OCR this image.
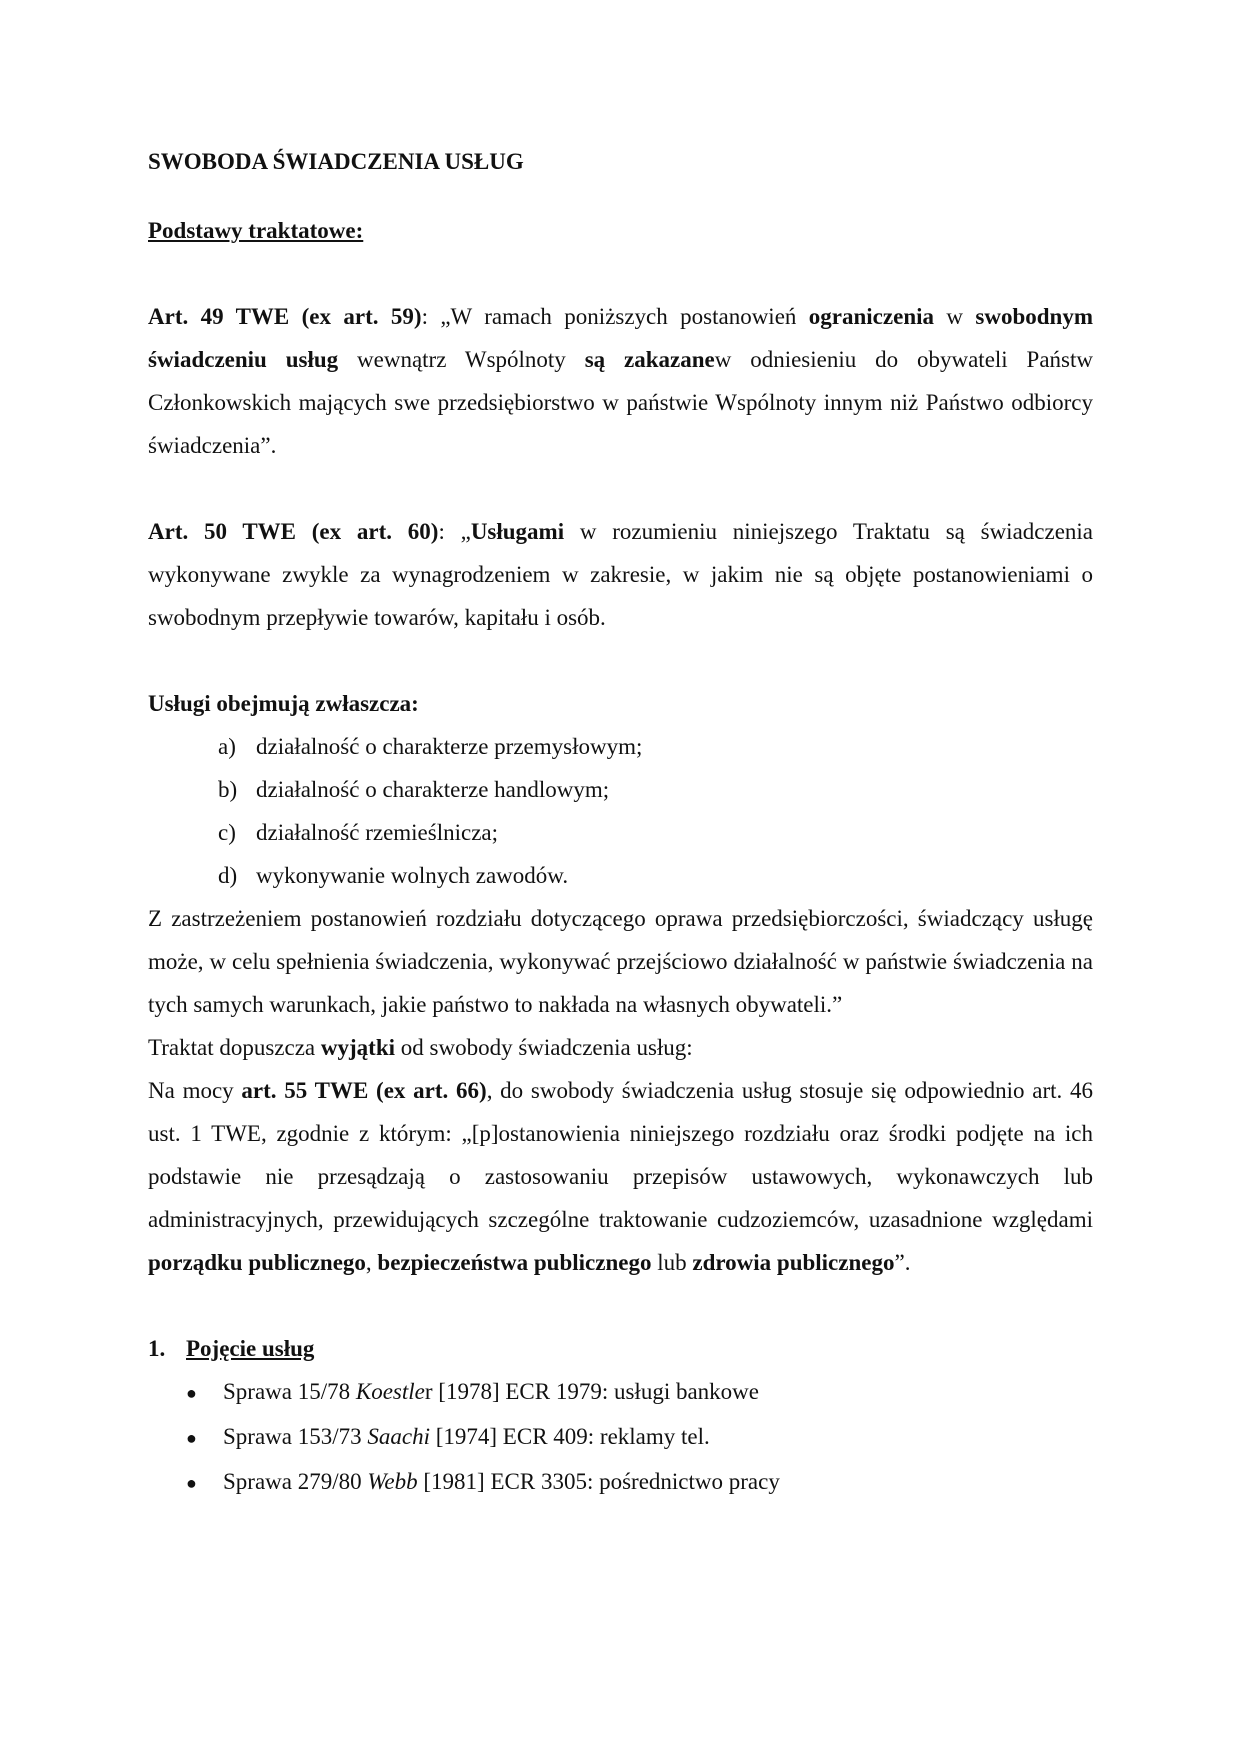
SWOBODA ŚWIADCZENIA USŁUG

Podstawy traktatowe:

Art. 49 TWE (ex art. 59): „W ramach poniższych postanowień ograniczenia w swobodnym świadczeniu usług wewnątrz Wspólnoty są zakazanew odniesieniu do obywateli Państw Członkowskich mających swe przedsiębiorstwo w państwie Wspólnoty innym niż Państwo odbiorcy świadczenia”.

Art. 50 TWE (ex art. 60): „Usługami w rozumieniu niniejszego Traktatu są świadczenia wykonywane zwykle za wynagrodzeniem w zakresie, w jakim nie są objęte postanowieniami o swobodnym przepływie towarów, kapitału i osób.

Usługi obejmują zwłaszcza:

a) działalność o charakterze przemysłowym;
b) działalność o charakterze handlowym;
c) działalność rzemieślnicza;
d) wykonywanie wolnych zawodów.

Z zastrzeżeniem postanowień rozdziału dotyczącego oprawa przedsiębiorczości, świadczący usługę może, w celu spełnienia świadczenia, wykonywać przejściowo działalność w państwie świadczenia na tych samych warunkach, jakie państwo to nakłada na własnych obywateli.”

Traktat dopuszcza wyjątki od swobody świadczenia usług:

Na mocy art. 55 TWE (ex art. 66), do swobody świadczenia usług stosuje się odpowiednio art. 46 ust. 1 TWE, zgodnie z którym: „[p]ostanowienia niniejszego rozdziału oraz środki podjęte na ich podstawie nie przesądzają o zastosowaniu przepisów ustawowych, wykonawczych lub administracyjnych, przewidujących szczególne traktowanie cudzoziemców, uzasadnione względami porządku publicznego, bezpieczeństwa publicznego lub zdrowia publicznego”.

1. Pojęcie usług
●	Sprawa 15/78 Koestler [1978] ECR 1979: usługi bankowe
●	Sprawa 153/73 Saachi [1974] ECR 409: reklamy tel.
●	Sprawa 279/80 Webb [1981] ECR 3305: pośrednictwo pracy
